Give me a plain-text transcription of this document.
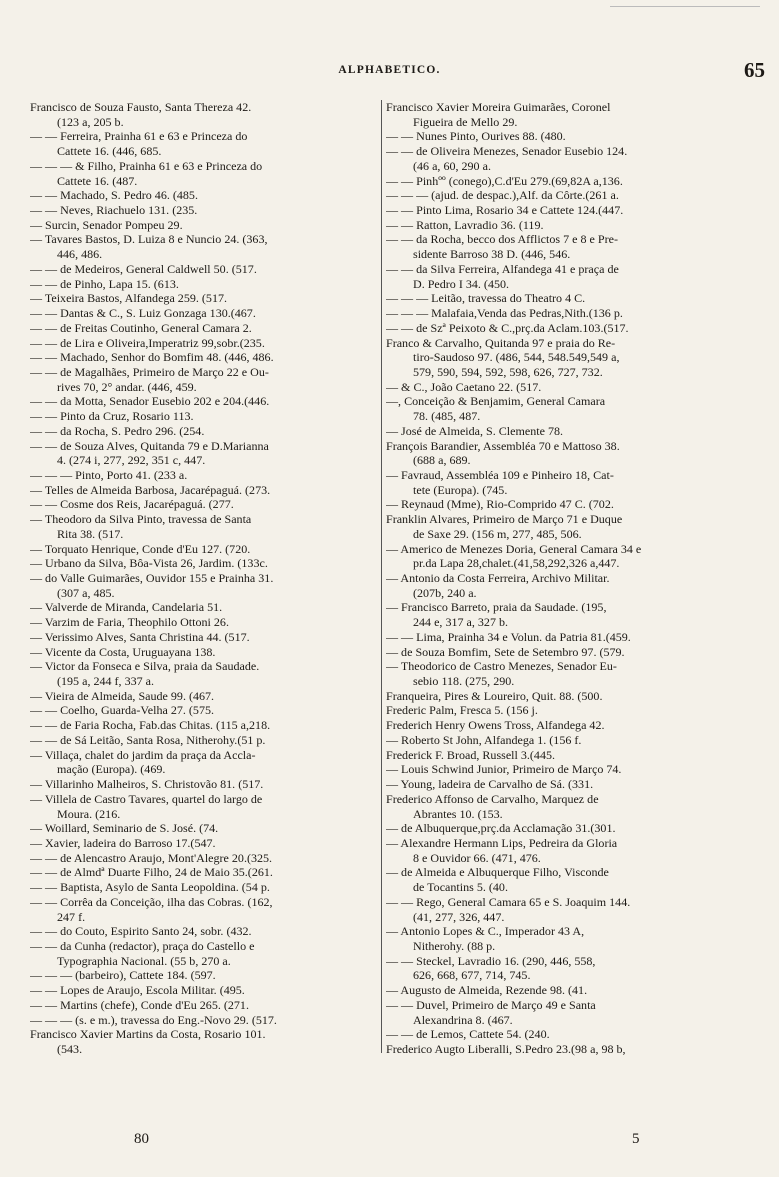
ALPHABETICO.	65
Francisco de Souza Fausto, Santa Thereza 42.
(123 a, 205 b.
— — Ferreira, Prainha 61 e 63 e Princeza do
Cattete 16. (446, 685.
— — — & Filho, Prainha 61 e 63 e Princeza do
Cattete 16. (487.
— — Machado, S. Pedro 46. (485.
— — Neves, Riachuelo 131. (235.
— Surcin, Senador Pompeu 29.
— Tavares Bastos, D. Luiza 8 e Nuncio 24. (363,
446, 486.
— — de Medeiros, General Caldwell 50. (517.
— — de Pinho, Lapa 15. (613.
— Teixeira Bastos, Alfandega 259. (517.
— — Dantas & C., S. Luiz Gonzaga 130.(467.
— — de Freitas Coutinho, General Camara 2.
— — de Lira e Oliveira,Imperatriz 99,sobr.(235.
— — Machado, Senhor do Bomfim 48. (446, 486.
— — de Magalhães, Primeiro de Março 22 e Ou-
rives 70, 2° andar. (446, 459.
— — da Motta, Senador Eusebio 202 e 204.(446.
— — Pinto da Cruz, Rosario 113.
— — da Rocha, S. Pedro 296. (254.
— — de Souza Alves, Quitanda 79 e D.Marianna
4. (274 i, 277, 292, 351 c, 447.
— — — Pinto, Porto 41. (233 a.
— Telles de Almeida Barbosa, Jacarépaguá. (273.
— — Cosme dos Reis, Jacarépaguá. (277.
— Theodoro da Silva Pinto, travessa de Santa
Rita 38. (517.
— Torquato Henrique, Conde d'Eu 127. (720.
— Urbano da Silva, Bôa-Vista 26, Jardim. (133c.
— do Valle Guimarães, Ouvidor 155 e Prainha 31.
(307 a, 485.
— Valverde de Miranda, Candelaria 51.
— Varzim de Faria, Theophilo Ottoni 26.
— Verissimo Alves, Santa Christina 44. (517.
— Vicente da Costa, Uruguayana 138.
— Victor da Fonseca e Silva, praia da Saudade.
(195 a, 244 f, 337 a.
— Vieira de Almeida, Saude 99. (467.
— — Coelho, Guarda-Velha 27. (575.
— — de Faria Rocha, Fab.das Chitas. (115 a,218.
— — de Sá Leitão, Santa Rosa, Nitherohy.(51 p.
— Villaça, chalet do jardim da praça da Accla-
mação (Europa). (469.
— Villarinho Malheiros, S. Christovão 81. (517.
— Villela de Castro Tavares, quartel do largo de
Moura. (216.
— Woillard, Seminario de S. José. (74.
— Xavier, ladeira do Barroso 17.(547.
— — de Alencastro Araujo, Mont'Alegre 20.(325.
— — de Almdª Duarte Filho, 24 de Maio 35.(261.
— — Baptista, Asylo de Santa Leopoldina. (54 p.
— — Corrêa da Conceição, ilha das Cobras. (162,
247 f.
— — do Couto, Espirito Santo 24, sobr. (432.
— — da Cunha (redactor), praça do Castello e
Typographia Nacional. (55 b, 270 a.
— — — (barbeiro), Cattete 184. (597.
— — Lopes de Araujo, Escola Militar. (495.
— — Martins (chefe), Conde d'Eu 265. (271.
— — — (s. e m.), travessa do Eng.-Novo 29. (517.
Francisco Xavier Martins da Costa, Rosario 101.
(543.
Francisco Xavier Moreira Guimarães, Coronel
Figueira de Mello 29.
— — Nunes Pinto, Ourives 88. (480.
— — de Oliveira Menezes, Senador Eusebio 124.
(46 a, 60, 290 a.
— — Pinhºº (conego),C.d'Eu 279.(69,82A a,136.
— — — (ajud. de despac.),Alf. da Côrte.(261 a.
— — Pinto Lima, Rosario 34 e Cattete 124.(447.
— — Ratton, Lavradio 36. (119.
— — da Rocha, becco dos Afflictos 7 e 8 e Pre-
sidente Barroso 38 D. (446, 546.
— — da Silva Ferreira, Alfandega 41 e praça de
D. Pedro I 34. (450.
— — — Leitão, travessa do Theatro 4 C.
— — — Malafaia,Venda das Pedras,Nith.(136 p.
— — de Szª Peixoto & C.,prç.da Aclam.103.(517.
Franco & Carvalho, Quitanda 97 e praia do Re-
tiro-Saudoso 97. (486, 544, 548.549,549 a,
579, 590, 594, 592, 598, 626, 727, 732.
— & C., João Caetano 22. (517.
—, Conceição & Benjamim, General Camara
78. (485, 487.
— José de Almeida, S. Clemente 78.
François Barandier, Assembléa 70 e Mattoso 38.
(688 a, 689.
— Favraud, Assembléa 109 e Pinheiro 18, Cat-
tete (Europa). (745.
— Reynaud (Mme), Rio-Comprido 47 C. (702.
Franklin Alvares, Primeiro de Março 71 e Duque
de Saxe 29. (156 m, 277, 485, 506.
— Americo de Menezes Doria, General Camara 34 e
pr.da Lapa 28,chalet.(41,58,292,326 a,447.
— Antonio da Costa Ferreira, Archivo Militar.
(207b, 240 a.
— Francisco Barreto, praia da Saudade. (195,
244 e, 317 a, 327 b.
— — Lima, Prainha 34 e Volun. da Patria 81.(459.
— de Souza Bomfim, Sete de Setembro 97. (579.
— Theodorico de Castro Menezes, Senador Eu-
sebio 118. (275, 290.
Franqueira, Pires & Loureiro, Quit. 88. (500.
Frederic Palm, Fresca 5. (156 j.
Frederich Henry Owens Tross, Alfandega 42.
— Roberto St John, Alfandega 1. (156 f.
Frederick F. Broad, Russell 3.(445.
— Louis Schwind Junior, Primeiro de Março 74.
— Young, ladeira de Carvalho de Sá. (331.
Frederico Affonso de Carvalho, Marquez de
Abrantes 10. (153.
— de Albuquerque,prç.da Acclamação 31.(301.
— Alexandre Hermann Lips, Pedreira da Gloria
8 e Ouvidor 66. (471, 476.
— de Almeida e Albuquerque Filho, Visconde
de Tocantins 5. (40.
— — Rego, General Camara 65 e S. Joaquim 144.
(41, 277, 326, 447.
— Antonio Lopes & C., Imperador 43 A,
Nitherohy. (88 p.
— — Steckel, Lavradio 16. (290, 446, 558,
626, 668, 677, 714, 745.
— Augusto de Almeida, Rezende 98. (41.
— — Duvel, Primeiro de Março 49 e Santa
Alexandrina 8. (467.
— — de Lemos, Cattete 54. (240.
Frederico Augto Liberalli, S.Pedro 23.(98 a, 98 b,
80	5
